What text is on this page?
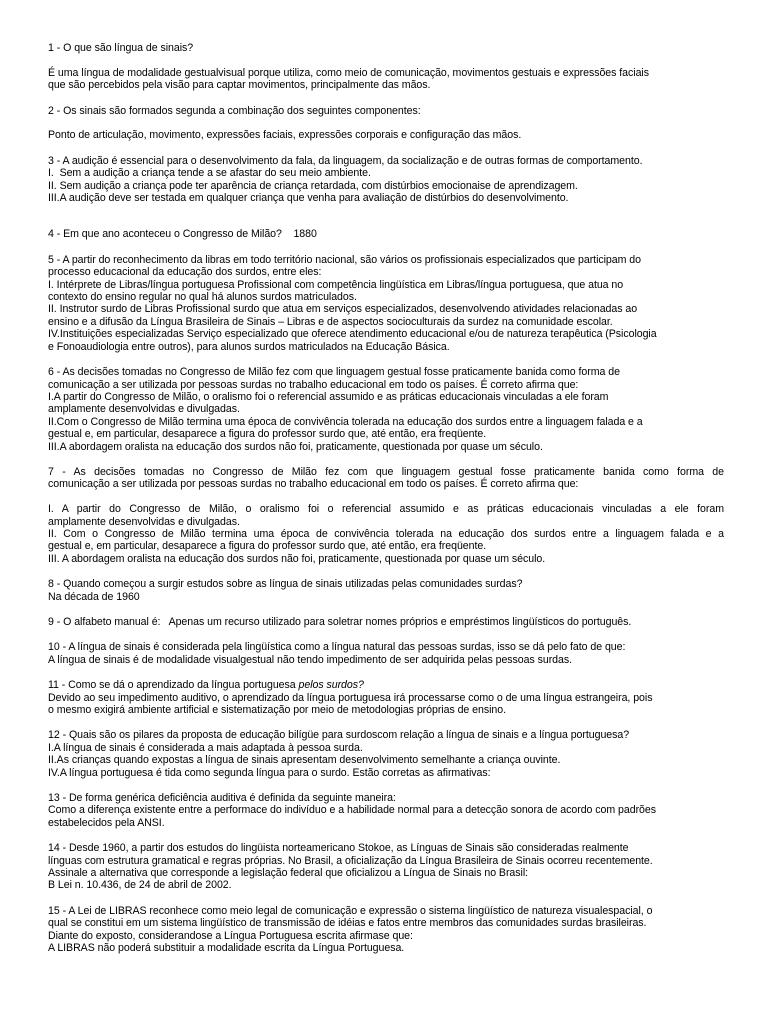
1 - O que são língua de sinais?
É uma língua de modalidade gestualvisual porque utiliza, como meio de comunicação, movimentos gestuais e expressões faciais
que são percebidos pela visão para captar movimentos, principalmente das mãos.
2 - Os sinais são formados segunda a combinação dos seguintes componentes:
Ponto de articulação, movimento, expressões faciais, expressões corporais e configuração das mãos.
3 - A audição é essencial para o desenvolvimento da fala, da linguagem, da socialização e de outras formas de comportamento.
I.  Sem a audição a criança tende a se afastar do seu meio ambiente.
II. Sem audição a criança pode ter aparência de criança retardada, com distúrbios emocionaise de aprendizagem.
III.A audição deve ser testada em qualquer criança que venha para avaliação de distúrbios do desenvolvimento.
4 - Em que ano aconteceu o Congresso de Milão? 1880
5 - A partir do reconhecimento da libras em todo território nacional, são vários os profissionais especializados que participam do
processo educacional da educação dos surdos, entre eles:
I. Intérprete de Libras/língua portuguesa Profissional com competência lingüística em Libras/língua portuguesa, que atua no
contexto do ensino regular no qual há alunos surdos matriculados.
II. Instrutor surdo de Libras Profissional surdo que atua em serviços especializados, desenvolvendo atividades relacionadas ao
ensino e a difusão da Língua Brasileira de Sinais – Libras e de aspectos socioculturais da surdez na comunidade escolar.
IV.Instituições especializadas Serviço especializado que oferece atendimento educacional e/ou de natureza terapêutica (Psicologia
e Fonoaudiologia entre outros), para alunos surdos matriculados na Educação Básica.
6 - As decisões tomadas no Congresso de Milão fez com que linguagem gestual fosse praticamente banida como forma de
comunicação a ser utilizada por pessoas surdas no trabalho educacional em todo os países. É correto afirma que:
I.A partir do Congresso de Milão, o oralismo foi o referencial assumido e as práticas educacionais vinculadas a ele foram
amplamente desenvolvidas e divulgadas.
II.Com o Congresso de Milão termina uma época de convivência tolerada na educação dos surdos entre a linguagem falada e a
gestual e, em particular, desaparece a figura do professor surdo que, até então, era freqüente.
III.A abordagem oralista na educação dos surdos não foi, praticamente, questionada por quase um século.
7 - As decisões tomadas no Congresso de Milão fez com que linguagem gestual fosse praticamente banida como forma de
comunicação a ser utilizada por pessoas surdas no trabalho educacional em todo os países. É correto afirma que:
I. A partir do Congresso de Milão, o oralismo foi o referencial assumido e as práticas educacionais vinculadas a ele foram
amplamente desenvolvidas e divulgadas.
II. Com o Congresso de Milão termina uma época de convivência tolerada na educação dos surdos entre a linguagem falada e a
gestual e, em particular, desaparece a figura do professor surdo que, até então, era freqüente.
III. A abordagem oralista na educação dos surdos não foi, praticamente, questionada por quase um século.
8 - Quando começou a surgir estudos sobre as língua de sinais utilizadas pelas comunidades surdas?
Na década de 1960
9 - O alfabeto manual é: Apenas um recurso utilizado para soletrar nomes próprios e empréstimos lingüísticos do português.
10 - A língua de sinais é considerada pela lingüística como a língua natural das pessoas surdas, isso se dá pelo fato de que:
A língua de sinais é de modalidade visualgestual não tendo impedimento de ser adquirida pelas pessoas surdas.
11 - Como se dá o aprendizado da língua portuguesa pelos surdos?
Devido ao seu impedimento auditivo, o aprendizado da língua portuguesa irá processarse como o de uma língua estrangeira, pois
o mesmo exigirá ambiente artificial e sistematização por meio de metodologias próprias de ensino.
12 - Quais são os pilares da proposta de educação bilígüe para surdoscom relação a língua de sinais e a língua portuguesa?
I.A língua de sinais é considerada a mais adaptada à pessoa surda.
II.As crianças quando expostas a língua de sinais apresentam desenvolvimento semelhante a criança ouvinte.
IV.A língua portuguesa é tida como segunda língua para o surdo. Estão corretas as afirmativas:
13 - De forma genérica deficiência auditiva é definida da seguinte maneira:
Como a diferença existente entre a performace do indivíduo e a habilidade normal para a detecção sonora de acordo com padrões
estabelecidos pela ANSI.
14 - Desde 1960, a partir dos estudos do lingüista norteamericano Stokoe, as Línguas de Sinais são consideradas realmente
línguas com estrutura gramatical e regras próprias. No Brasil, a oficialização da Língua Brasileira de Sinais ocorreu recentemente.
Assinale a alternativa que corresponde a legislação federal que oficializou a Língua de Sinais no Brasil:
B Lei n. 10.436, de 24 de abril de 2002.
15 - A Lei de LIBRAS reconhece como meio legal de comunicação e expressão o sistema lingüístico de natureza visualespacial, o
qual se constitui em um sistema lingüístico de transmissão de idéias e fatos entre membros das comunidades surdas brasileiras.
Diante do exposto, considerandose a Língua Portuguesa escrita afirmase que:
A LIBRAS não poderá substituir a modalidade escrita da Língua Portuguesa.
